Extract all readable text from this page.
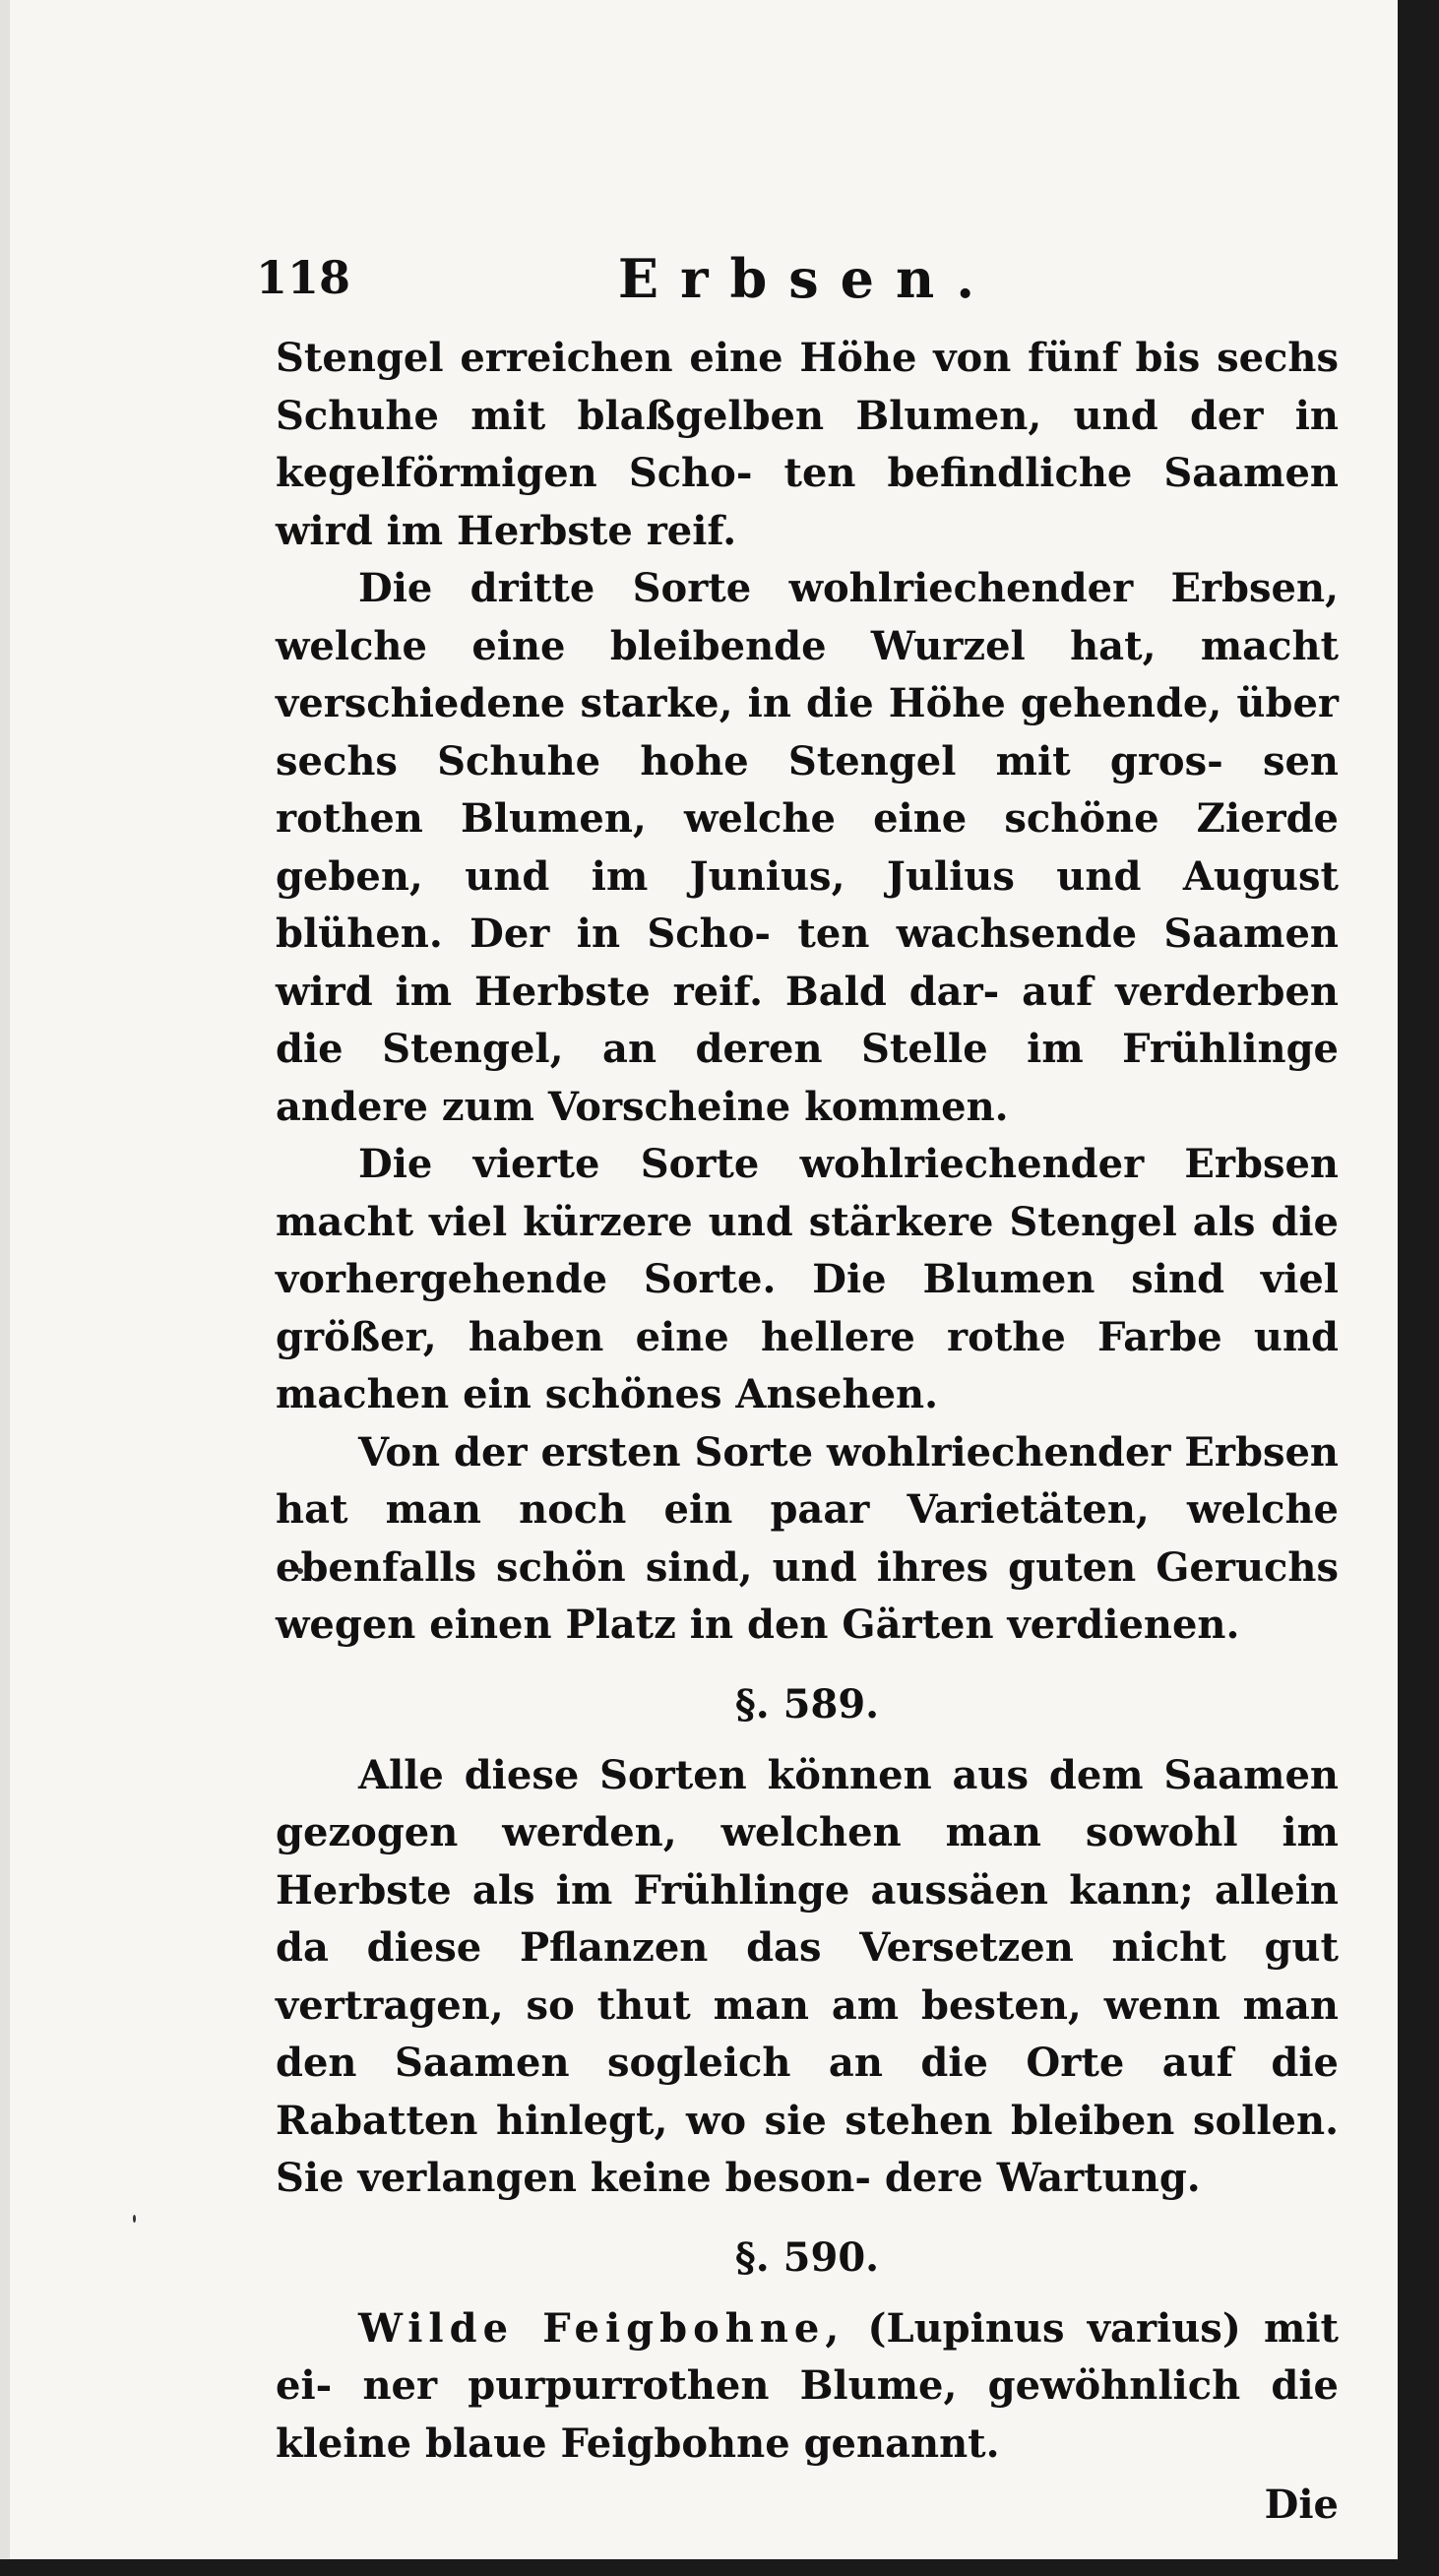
118	Erbsen.

Stengel erreichen eine Höhe von fünf bis sechs Schuhe mit blaßgelben Blumen, und der in kegelförmigen Scho- ten befindliche Saamen wird im Herbste reif.

Die dritte Sorte wohlriechender Erbsen, welche eine bleibende Wurzel hat, macht verschiedene starke, in die Höhe gehende, über sechs Schuhe hohe Stengel mit gros- sen rothen Blumen, welche eine schöne Zierde geben, und im Junius, Julius und August blühen. Der in Scho- ten wachsende Saamen wird im Herbste reif. Bald dar- auf verderben die Stengel, an deren Stelle im Frühlinge andere zum Vorscheine kommen.

Die vierte Sorte wohlriechender Erbsen macht viel kürzere und stärkere Stengel als die vorhergehende Sorte. Die Blumen sind viel größer, haben eine hellere rothe Farbe und machen ein schönes Ansehen.

Von der ersten Sorte wohlriechender Erbsen hat man noch ein paar Varietäten, welche ebenfalls schön sind, und ihres guten Geruchs wegen einen Platz in den Gärten verdienen.

§. 589.

Alle diese Sorten können aus dem Saamen gezogen werden, welchen man sowohl im Herbste als im Frühlinge aussäen kann; allein da diese Pflanzen das Versetzen nicht gut vertragen, so thut man am besten, wenn man den Saamen sogleich an die Orte auf die Rabatten hinlegt, wo sie stehen bleiben sollen. Sie verlangen keine beson- dere Wartung.

§. 590.

Wilde Feigbohne, (Lupinus varius) mit ei- ner purpurrothen Blume, gewöhnlich die kleine blaue Feigbohne genannt.

Die
